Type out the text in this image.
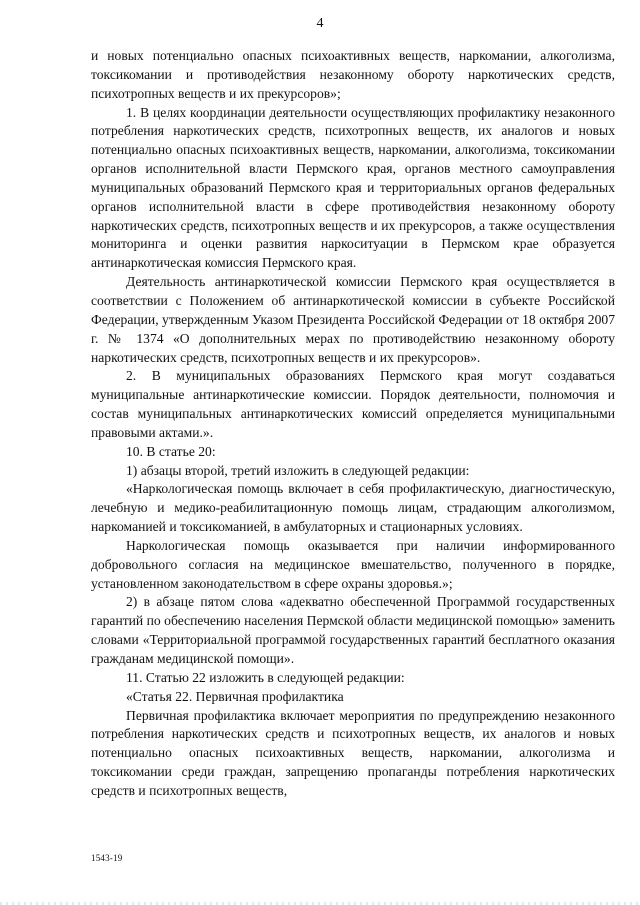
4

и новых потенциально опасных психоактивных веществ, наркомании, алкоголизма, токсикомании и противодействия незаконному обороту наркотических средств, психотропных веществ и их прекурсоров»;

1. В целях координации деятельности осуществляющих профилактику незаконного потребления наркотических средств, психотропных веществ, их аналогов и новых потенциально опасных психоактивных веществ, наркомании, алкоголизма, токсикомании органов исполнительной власти Пермского края, органов местного самоуправления муниципальных образований Пермского края и территориальных органов федеральных органов исполнительной власти в сфере противодействия незаконному обороту наркотических средств, психотропных веществ и их прекурсоров, а также осуществления мониторинга и оценки развития наркоситуации в Пермском крае образуется антинаркотическая комиссия Пермского края.

Деятельность антинаркотической комиссии Пермского края осуществляется в соответствии с Положением об антинаркотической комиссии в субъекте Российской Федерации, утвержденным Указом Президента Российской Федерации от 18 октября 2007 г. № 1374 «О дополнительных мерах по противодействию незаконному обороту наркотических средств, психотропных веществ и их прекурсоров».

2. В муниципальных образованиях Пермского края могут создаваться муниципальные антинаркотические комиссии. Порядок деятельности, полномочия и состав муниципальных антинаркотических комиссий определяется муниципальными правовыми актами.».

10. В статье 20:

1) абзацы второй, третий изложить в следующей редакции:

«Наркологическая помощь включает в себя профилактическую, диагностическую, лечебную и медико-реабилитационную помощь лицам, страдающим алкоголизмом, наркоманией и токсикоманией, в амбулаторных и стационарных условиях.

Наркологическая помощь оказывается при наличии информированного добровольного согласия на медицинское вмешательство, полученного в порядке, установленном законодательством в сфере охраны здоровья.»;

2) в абзаце пятом слова «адекватно обеспеченной Программой государственных гарантий по обеспечению населения Пермской области медицинской помощью» заменить словами «Территориальной программой государственных гарантий бесплатного оказания гражданам медицинской помощи».

11. Статью 22 изложить в следующей редакции:

«Статья 22. Первичная профилактика

Первичная профилактика включает мероприятия по предупреждению незаконного потребления наркотических средств и психотропных веществ, их аналогов и новых потенциально опасных психоактивных веществ, наркомании, алкоголизма и токсикомании среди граждан, запрещению пропаганды потребления наркотических средств и психотропных веществ,

1543-19
